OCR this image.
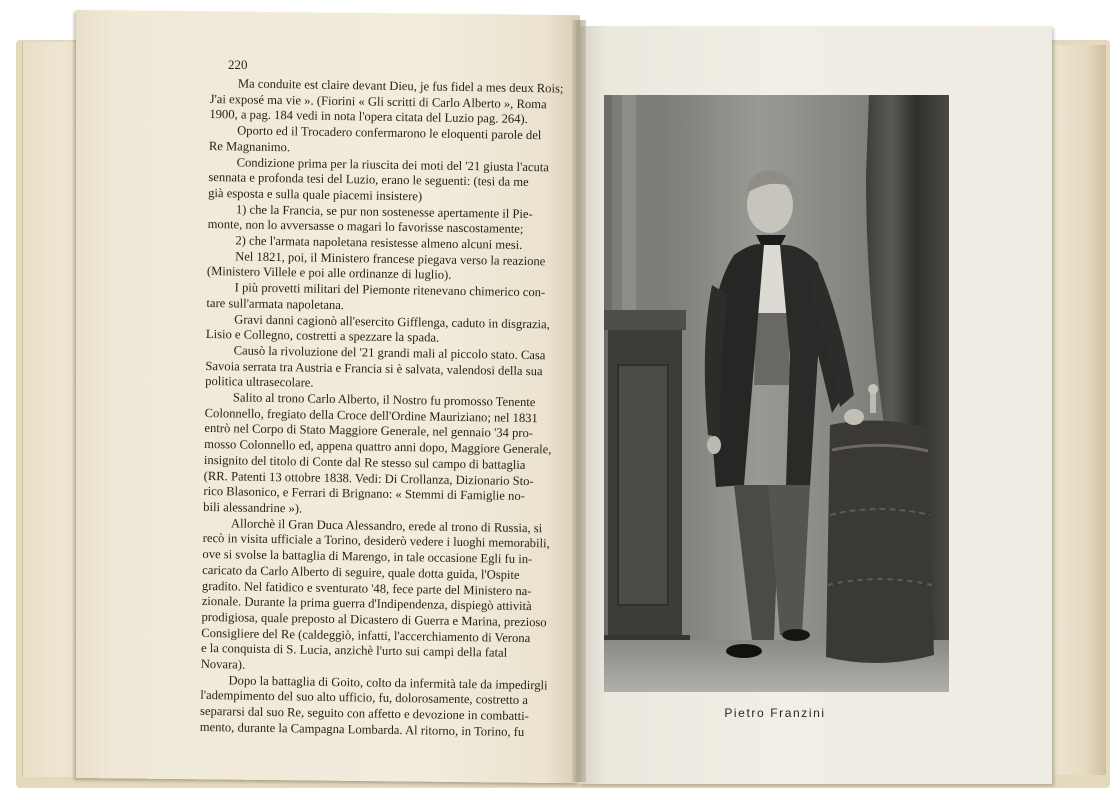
220
Ma conduite est claire devant Dieu, je fus fidel a mes deux Rois;
J'ai exposé ma vie ». (Fiorini « Gli scritti di Carlo Alberto », Roma
1900, a pag. 184 vedi in nota l'opera citata del Luzio pag. 264).
Oporto ed il Trocadero confermarono le eloquenti parole del
Re Magnanimo.
Condizione prima per la riuscita dei moti del '21 giusta l'acuta
sennata e profonda tesi del Luzio, erano le seguenti: (tesi da me
già esposta e sulla quale piacemi insistere)
1) che la Francia, se pur non sostenesse apertamente il Pie-
monte, non lo avversasse o magari lo favorisse nascostamente;
2) che l'armata napoletana resistesse almeno alcuni mesi.
Nel 1821, poi, il Ministero francese piegava verso la reazione
(Ministero Villele e poi alle ordinanze di luglio).
I più provetti militari del Piemonte ritenevano chimerico con-
tare sull'armata napoletana.
Gravi danni cagionò all'esercito Gifflenga, caduto in disgrazia,
Lisio e Collegno, costretti a spezzare la spada.
Causò la rivoluzione del '21 grandi mali al piccolo stato. Casa
Savoia serrata tra Austria e Francia si è salvata, valendosi della sua
politica ultrasecolare.
Salito al trono Carlo Alberto, il Nostro fu promosso Tenente
Colonnello, fregiato della Croce dell'Ordine Mauriziano; nel 1831
entrò nel Corpo di Stato Maggiore Generale, nel gennaio '34 pro-
mosso Colonnello ed, appena quattro anni dopo, Maggiore Generale,
insignito del titolo di Conte dal Re stesso sul campo di battaglia
(RR. Patenti 13 ottobre 1838. Vedi: Di Crollanza, Dizionario Sto-
rico Blasonico, e Ferrari di Brignano: « Stemmi di Famiglie no-
bili alessandrine »).
Allorchè il Gran Duca Alessandro, erede al trono di Russia, si
recò in visita ufficiale a Torino, desiderò vedere i luoghi memorabili,
ove si svolse la battaglia di Marengo, in tale occasione Egli fu in-
caricato da Carlo Alberto di seguire, quale dotta guida, l'Ospite
gradito. Nel fatidico e sventurato '48, fece parte del Ministero na-
zionale. Durante la prima guerra d'Indipendenza, dispiegò attività
prodigiosa, quale preposto al Dicastero di Guerra e Marina, prezioso
Consigliere del Re (caldeggiò, infatti, l'accerchiamento di Verona
e la conquista di S. Lucia, anzichè l'urto sui campi della fatal
Novara).
Dopo la battaglia di Goito, colto da infermità tale da impedirgli
l'adempimento del suo alto ufficio, fu, dolorosamente, costretto a
separarsi dal suo Re, seguito con affetto e devozione in combatti-
mento, durante la Campagna Lombarda. Al ritorno, in Torino, fu
Pietro Franzini
